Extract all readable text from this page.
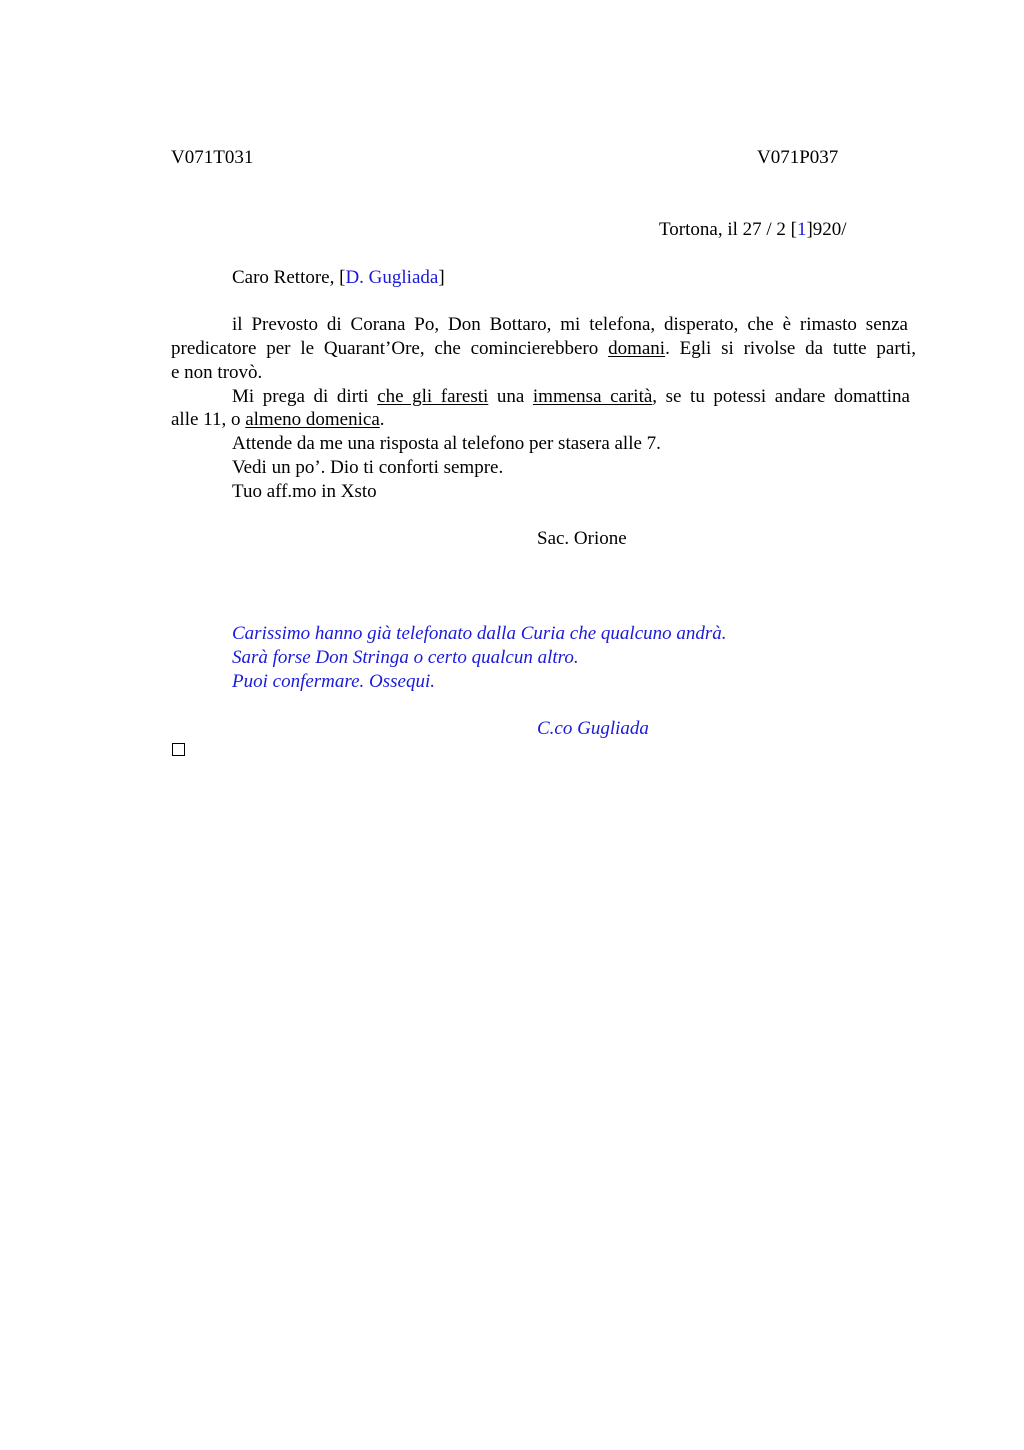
V071T031	V071P037

Tortona, il 27 / 2 [1]920/

Caro Rettore, [D. Gugliada]

il Prevosto di Corana Po, Don Bottaro, mi telefona, disperato, che è rimasto senza
predicatore per le Quarant’Ore, che comincierebbero domani. Egli si rivolse da tutte parti,

e non trovò.

Mi prega di dirti che gli faresti una immensa carità, se tu potessi andare domattina

alle 11, o almeno domenica.

Attende da me una risposta al telefono per stasera alle 7.

Vedi un po’. Dio ti conforti sempre.

Tuo aff.mo in Xsto

Sac. Orione

Carissimo hanno già telefonato dalla Curia che qualcuno andrà.

Sarà forse Don Stringa o certo qualcun altro.

Puoi confermare. Ossequi.

C.co Gugliada
